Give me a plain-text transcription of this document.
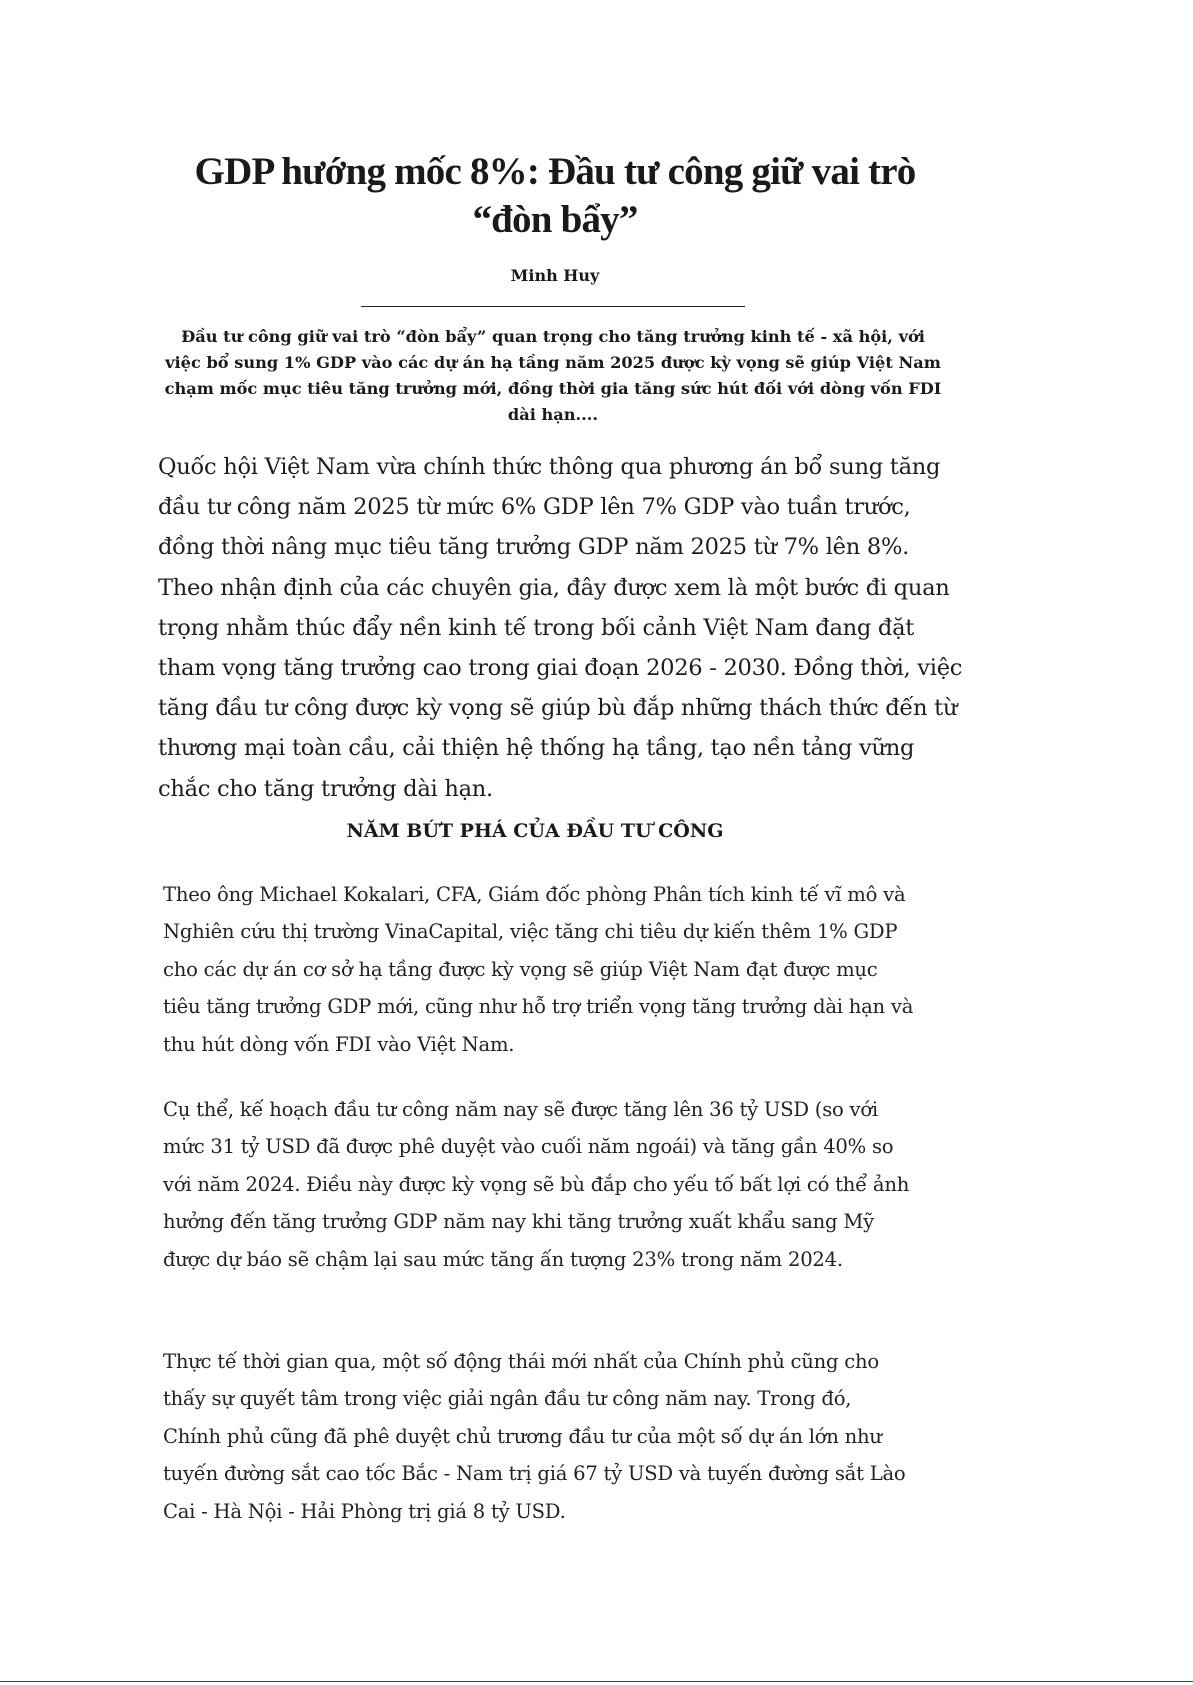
GDP hướng mốc 8%: Đầu tư công giữ vai trò “đòn bẩy”
Minh Huy

Đầu tư công giữ vai trò “đòn bẩy” quan trọng cho tăng trưởng kinh tế - xã hội, với việc bổ sung 1% GDP vào các dự án hạ tầng năm 2025 được kỳ vọng sẽ giúp Việt Nam chạm mốc mục tiêu tăng trưởng mới, đồng thời gia tăng sức hút đối với dòng vốn FDI dài hạn....

Quốc hội Việt Nam vừa chính thức thông qua phương án bổ sung tăng đầu tư công năm 2025 từ mức 6% GDP lên 7% GDP vào tuần trước, đồng thời nâng mục tiêu tăng trưởng GDP năm 2025 từ 7% lên 8%. Theo nhận định của các chuyên gia, đây được xem là một bước đi quan trọng nhằm thúc đẩy nền kinh tế trong bối cảnh Việt Nam đang đặt tham vọng tăng trưởng cao trong giai đoạn 2026 - 2030. Đồng thời, việc tăng đầu tư công được kỳ vọng sẽ giúp bù đắp những thách thức đến từ thương mại toàn cầu, cải thiện hệ thống hạ tầng, tạo nền tảng vững chắc cho tăng trưởng dài hạn.

NĂM BỨT PHÁ CỦA ĐẦU TƯ CÔNG

Theo ông Michael Kokalari, CFA, Giám đốc phòng Phân tích kinh tế vĩ mô và Nghiên cứu thị trường VinaCapital, việc tăng chi tiêu dự kiến thêm 1% GDP cho các dự án cơ sở hạ tầng được kỳ vọng sẽ giúp Việt Nam đạt được mục tiêu tăng trưởng GDP mới, cũng như hỗ trợ triển vọng tăng trưởng dài hạn và thu hút dòng vốn FDI vào Việt Nam.

Cụ thể, kế hoạch đầu tư công năm nay sẽ được tăng lên 36 tỷ USD (so với mức 31 tỷ USD đã được phê duyệt vào cuối năm ngoái) và tăng gần 40% so với năm 2024. Điều này được kỳ vọng sẽ bù đắp cho yếu tố bất lợi có thể ảnh hưởng đến tăng trưởng GDP năm nay khi tăng trưởng xuất khẩu sang Mỹ được dự báo sẽ chậm lại sau mức tăng ấn tượng 23% trong năm 2024.

Thực tế thời gian qua, một số động thái mới nhất của Chính phủ cũng cho thấy sự quyết tâm trong việc giải ngân đầu tư công năm nay. Trong đó, Chính phủ cũng đã phê duyệt chủ trương đầu tư của một số dự án lớn như tuyến đường sắt cao tốc Bắc - Nam trị giá 67 tỷ USD và tuyến đường sắt Lào Cai - Hà Nội - Hải Phòng trị giá 8 tỷ USD.
